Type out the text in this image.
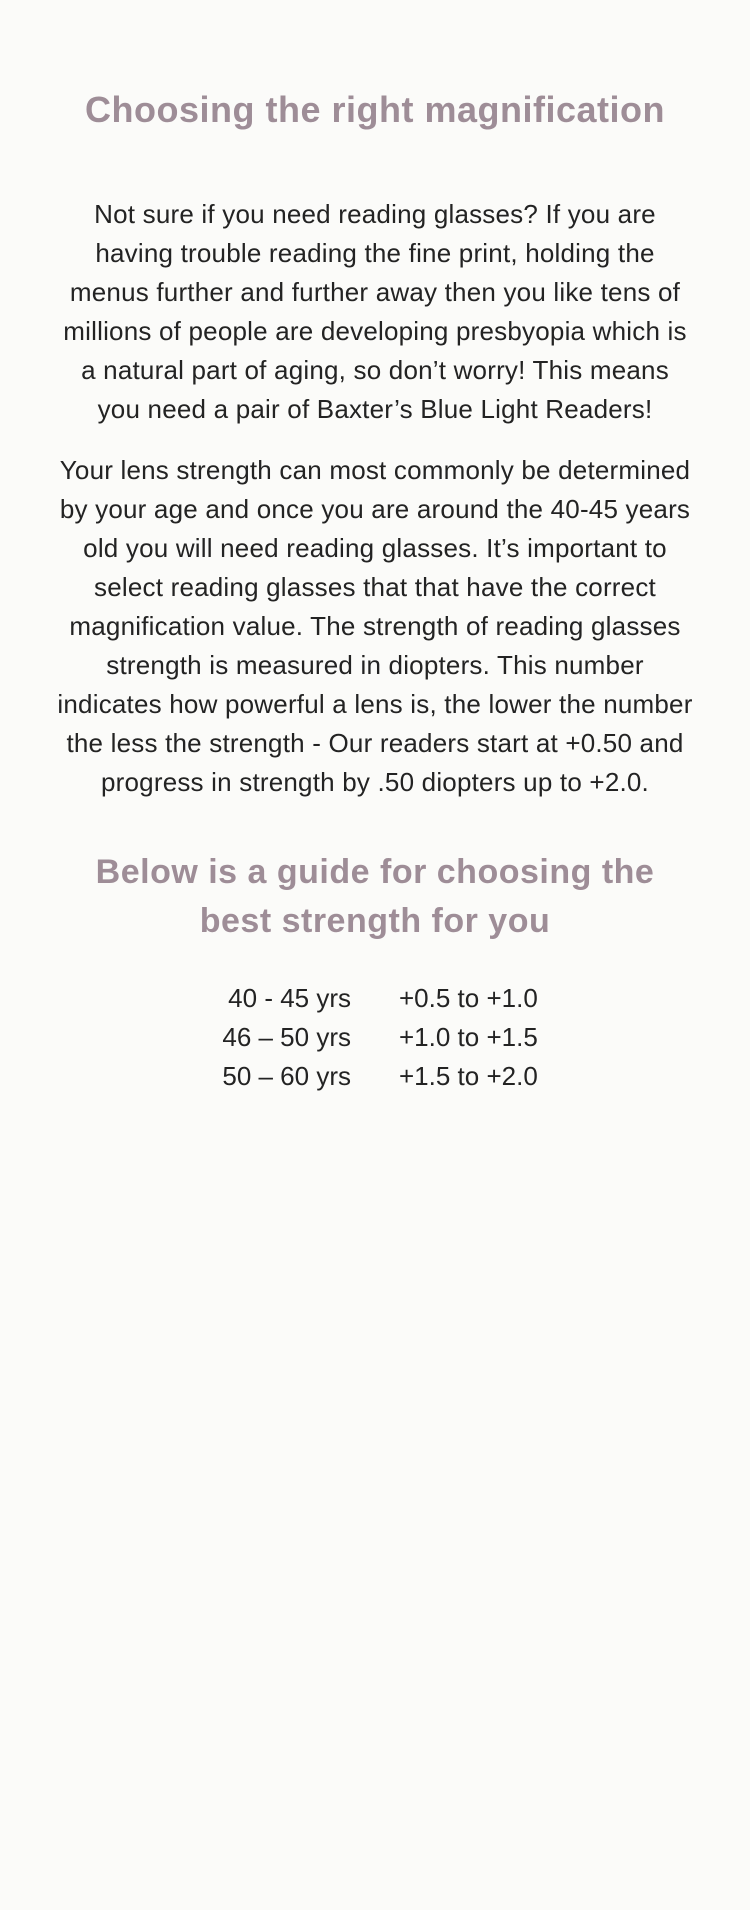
Choosing the right magnification

Not sure if you need reading glasses? If you are having trouble reading the fine print, holding the menus further and further away then you like tens of millions of people are developing presbyopia which is a natural part of aging, so don’t worry! This means you need a pair of Baxter’s Blue Light Readers!

Your lens strength can most commonly be determined by your age and once you are around the 40-45 years old you will need reading glasses. It’s important to select reading glasses that that have the correct magnification value. The strength of reading glasses strength is measured in diopters. This number indicates how powerful a lens is, the lower the number the less the strength - Our readers start at +0.50 and progress in strength by .50 diopters up to +2.0.

Below is a guide for choosing the best strength for you
40 - 45 yrs +0.5 to +1.0
46 – 50 yrs +1.0 to +1.5
50 – 60 yrs +1.5 to +2.0
